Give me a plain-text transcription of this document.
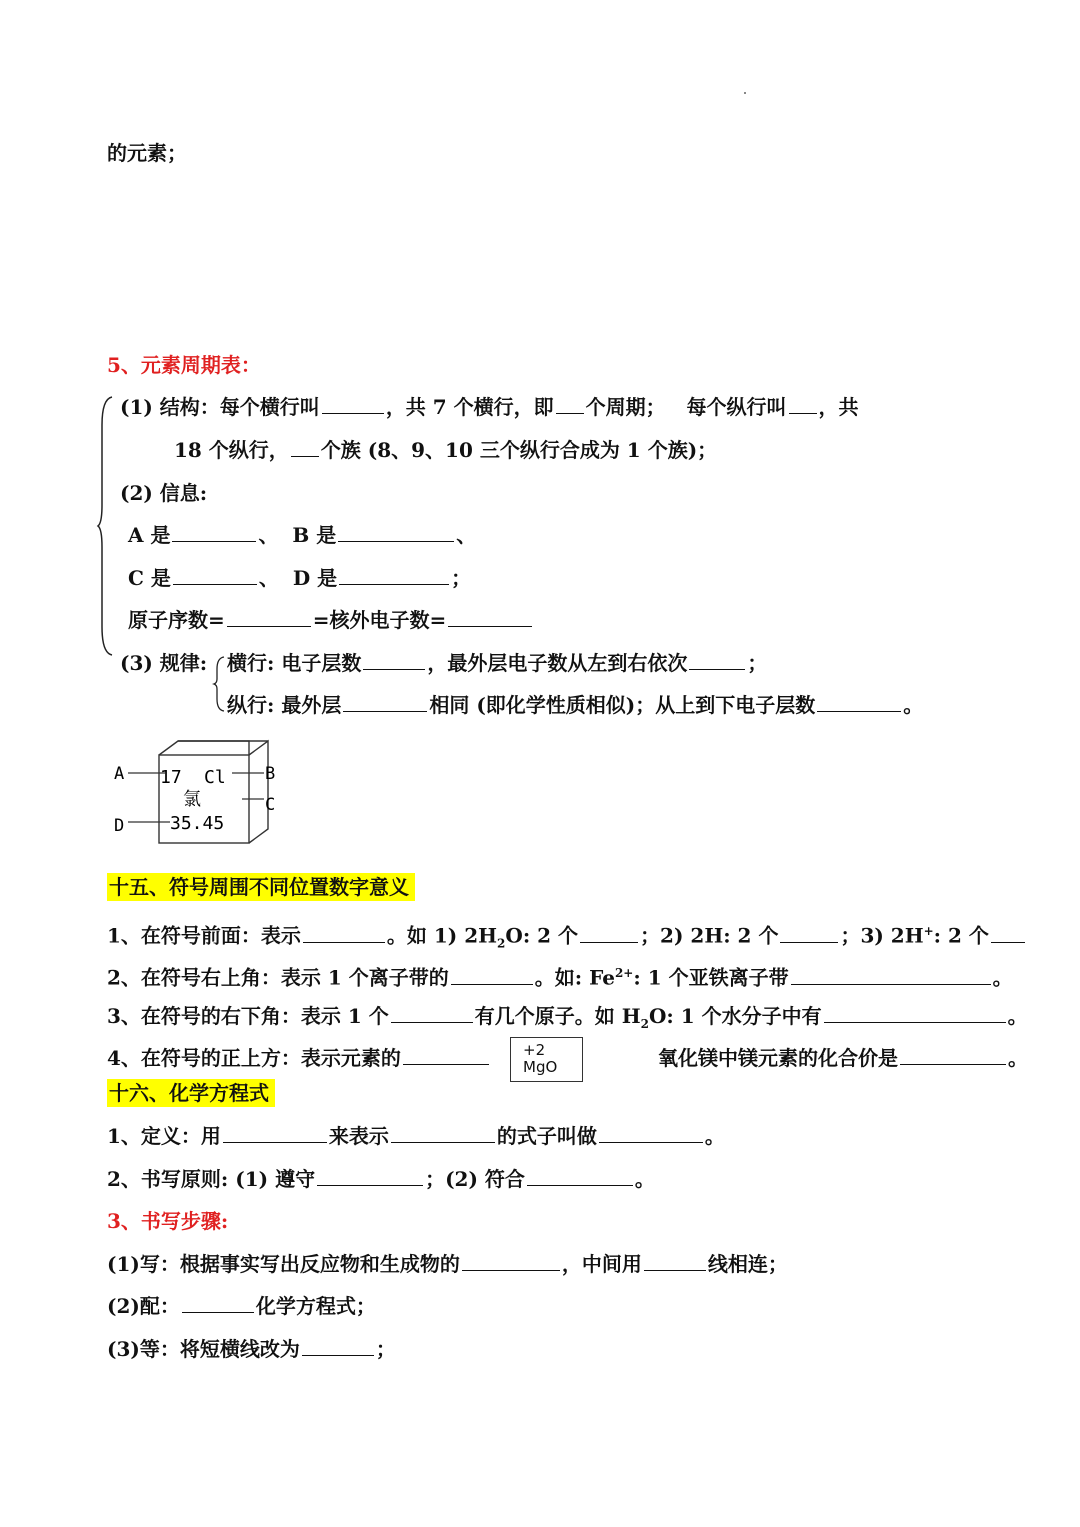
的元素；
5、元素周期表：
(1) 结构：每个横行叫	，共 7 个横行，即 个周期； 每个纵行叫 ，共
18 个纵行， 个族 (8、9、10 三个纵行合成为 1 个族)；
(2) 信息:
A 是	、 B 是	、
C 是	、 D 是	；
原子序数=	=核外电子数=
(3) 规律: 横行: 电子层数	，最外层电子数从左到右依次	；
纵行: 最外层	相同 (即化学性质相似)；从上到下电子层数	。
A	B
C
D
17 Cl
氯
35.45
十五、符号周围不同位置数字意义
1、在符号前面：表示	。如 1) $2H_2O$: 2 个	；2) 2H: 2 个	；3) 2H+: 2 个
2、在符号右上角：表示 1 个离子带的	。如: $Fe^{2+}$: 1 个亚铁离子带	。
3、在符号的右下角：表示 1 个	有几个原子。如 $H_2O$: 1 个水分子中有	。
4、在符号的正上方：表示元素的	+2
MgO	氧化镁中镁元素的化合价是	。
十六、化学方程式
1、定义：用	来表示	的式子叫做	。
2、书写原则: (1) 遵守	；(2) 符合	。
3、书写步骤:
(1)写：根据事实写出反应物和生成物的	，中间用	线相连；
(2)配：	化学方程式；
(3)等：将短横线改为	；
